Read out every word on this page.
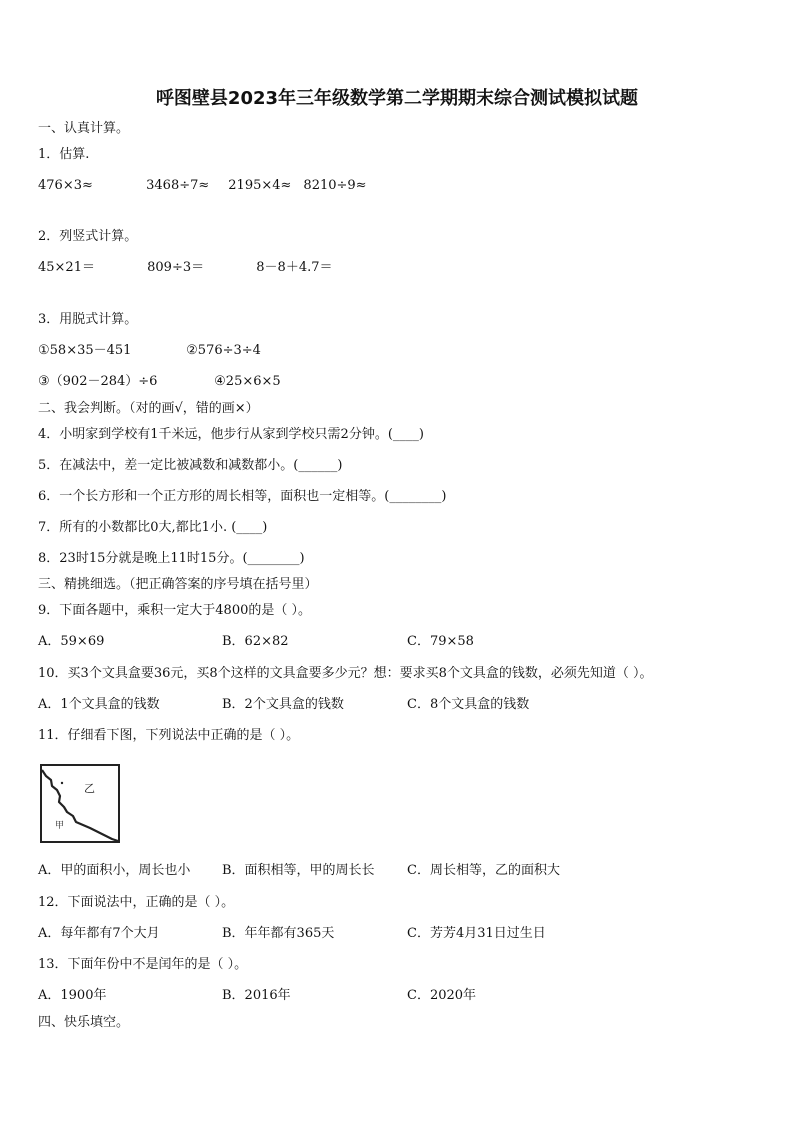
呼图壁县2023年三年级数学第二学期期末综合测试模拟试题
一、认真计算。
1．估算.
476×3≈	3468÷7≈ 2195×4≈ 8210÷9≈
2．列竖式计算。
45×21＝	809÷3＝	8－8＋4.7＝
3．用脱式计算。
①58×35－451	②576÷3÷4
③（902－284）÷6	④25×6×5
二、我会判断。（对的画√，错的画×）
4．小明家到学校有1千米远，他步行从家到学校只需2分钟。(____)
5．在减法中，差一定比被减数和减数都小。(______)
6．一个长方形和一个正方形的周长相等，面积也一定相等。(________)
7．所有的小数都比0大,都比1小. (____)
8．23时15分就是晚上11时15分。(________)
三、精挑细选。（把正确答案的序号填在括号里）
9．下面各题中，乘积一定大于4800的是（ ）。
A．59×69	B．62×82	C．79×58
10．买3个文具盒要36元，买8个这样的文具盒要多少元？想：要求买8个文具盒的钱数，必须先知道（ ）。
A．1个文具盒的钱数	B．2个文具盒的钱数	C．8个文具盒的钱数
11．仔细看下图，下列说法中正确的是（ ）。
乙
甲
A．甲的面积小，周长也小 B．面积相等，甲的周长长 C．周长相等，乙的面积大
12．下面说法中，正确的是（ ）。
A．每年都有7个大月	B．年年都有365天	C．芳芳4月31日过生日
13．下面年份中不是闰年的是（ ）。
A．1900年	B．2016年	C．2020年
四、快乐填空。
